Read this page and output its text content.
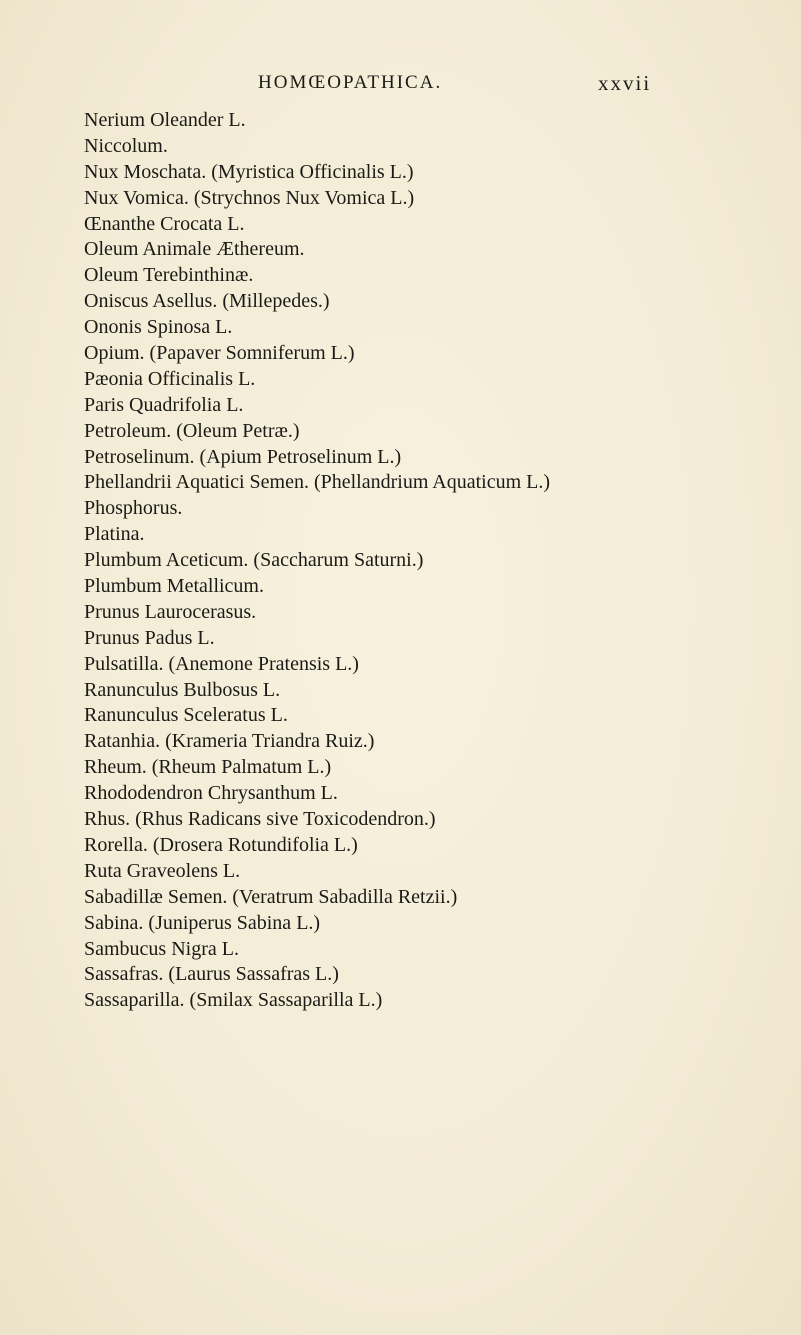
HOMŒOPATHICA.	xxvii
Nerium Oleander L.
Niccolum.
Nux Moschata. (Myristica Officinalis L.)
Nux Vomica. (Strychnos Nux Vomica L.)
Œnanthe Crocata L.
Oleum Animale Æthereum.
Oleum Terebinthinæ.
Oniscus Asellus. (Millepedes.)
Ononis Spinosa L.
Opium. (Papaver Somniferum L.)
Pæonia Officinalis L.
Paris Quadrifolia L.
Petroleum. (Oleum Petræ.)
Petroselinum. (Apium Petroselinum L.)
Phellandrii Aquatici Semen. (Phellandrium Aquaticum L.)
Phosphorus.
Platina.
Plumbum Aceticum. (Saccharum Saturni.)
Plumbum Metallicum.
Prunus Laurocerasus.
Prunus Padus L.
Pulsatilla. (Anemone Pratensis L.)
Ranunculus Bulbosus L.
Ranunculus Sceleratus L.
Ratanhia. (Krameria Triandra Ruiz.)
Rheum. (Rheum Palmatum L.)
Rhododendron Chrysanthum L.
Rhus. (Rhus Radicans sive Toxicodendron.)
Rorella. (Drosera Rotundifolia L.)
Ruta Graveolens L.
Sabadillæ Semen. (Veratrum Sabadilla Retzii.)
Sabina. (Juniperus Sabina L.)
Sambucus Nigra L.
Sassafras. (Laurus Sassafras L.)
Sassaparilla. (Smilax Sassaparilla L.)
